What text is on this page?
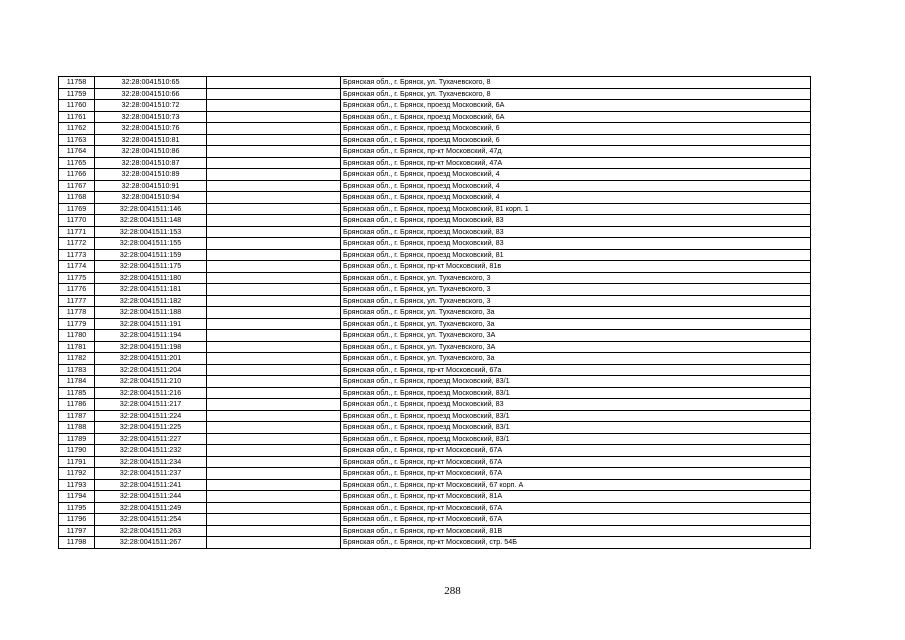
11758	32:28:0041510:65		Брянская обл., г. Брянск, ул. Тухачевского, 8
11759	32:28:0041510:66		Брянская обл., г. Брянск, ул. Тухачевского, 8
11760	32:28:0041510:72		Брянская обл., г. Брянск, проезд Московский, 6А
11761	32:28:0041510:73		Брянская обл., г. Брянск, проезд Московский, 6А
11762	32:28:0041510:76		Брянская обл., г. Брянск, проезд Московский, 6
11763	32:28:0041510:81		Брянская обл., г. Брянск, проезд Московский, 6
11764	32:28:0041510:86		Брянская обл., г. Брянск, пр-кт Московский, 47д
11765	32:28:0041510:87		Брянская обл., г. Брянск, пр-кт Московский, 47А
11766	32:28:0041510:89		Брянская обл., г. Брянск, проезд Московский, 4
11767	32:28:0041510:91		Брянская обл., г. Брянск, проезд Московский, 4
11768	32:28:0041510:94		Брянская обл., г. Брянск, проезд Московский, 4
11769	32:28:0041511:146		Брянская обл., г. Брянск, проезд Московский, 81 корп. 1
11770	32:28:0041511:148		Брянская обл., г. Брянск, проезд Московский, 83
11771	32:28:0041511:153		Брянская обл., г. Брянск, проезд Московский, 83
11772	32:28:0041511:155		Брянская обл., г. Брянск, проезд Московский, 83
11773	32:28:0041511:159		Брянская обл., г. Брянск, проезд Московский, 81
11774	32:28:0041511:175		Брянская обл., г. Брянск, пр-кт Московский, 81в
11775	32:28:0041511:180		Брянская обл., г. Брянск, ул. Тухачевского, 3
11776	32:28:0041511:181		Брянская обл., г. Брянск, ул. Тухачевского, 3
11777	32:28:0041511:182		Брянская обл., г. Брянск, ул. Тухачевского, 3
11778	32:28:0041511:188		Брянская обл., г. Брянск, ул. Тухачевского, 3а
11779	32:28:0041511:191		Брянская обл., г. Брянск, ул. Тухачевского, 3а
11780	32:28:0041511:194		Брянская обл., г. Брянск, ул. Тухачевского, 3А
11781	32:28:0041511:198		Брянская обл., г. Брянск, ул. Тухачевского, 3А
11782	32:28:0041511:201		Брянская обл., г. Брянск, ул. Тухачевского, 3а
11783	32:28:0041511:204		Брянская обл., г. Брянск, пр-кт Московский, 67а
11784	32:28:0041511:210		Брянская обл., г. Брянск, проезд Московский, 83/1
11785	32:28:0041511:216		Брянская обл., г. Брянск, проезд Московский, 83/1
11786	32:28:0041511:217		Брянская обл., г. Брянск, проезд Московский, 83
11787	32:28:0041511:224		Брянская обл., г. Брянск, проезд Московский, 83/1
11788	32:28:0041511:225		Брянская обл., г. Брянск, проезд Московский, 83/1
11789	32:28:0041511:227		Брянская обл., г. Брянск, проезд Московский, 83/1
11790	32:28:0041511:232		Брянская обл., г. Брянск, пр-кт Московский, 67А
11791	32:28:0041511:234		Брянская обл., г. Брянск, пр-кт Московский, 67А
11792	32:28:0041511:237		Брянская обл., г. Брянск, пр-кт Московский, 67А
11793	32:28:0041511:241		Брянская обл., г. Брянск, пр-кт Московский, 67 корп. А
11794	32:28:0041511:244		Брянская обл., г. Брянск, пр-кт Московский, 81А
11795	32:28:0041511:249		Брянская обл., г. Брянск, пр-кт Московский, 67А
11796	32:28:0041511:254		Брянская обл., г. Брянск, пр-кт Московский, 67А
11797	32:28:0041511:263		Брянская обл., г. Брянск, пр-кт Московский, 81В
11798	32:28:0041511:267		Брянская обл., г. Брянск, пр-кт Московский, стр. 54Б
288
